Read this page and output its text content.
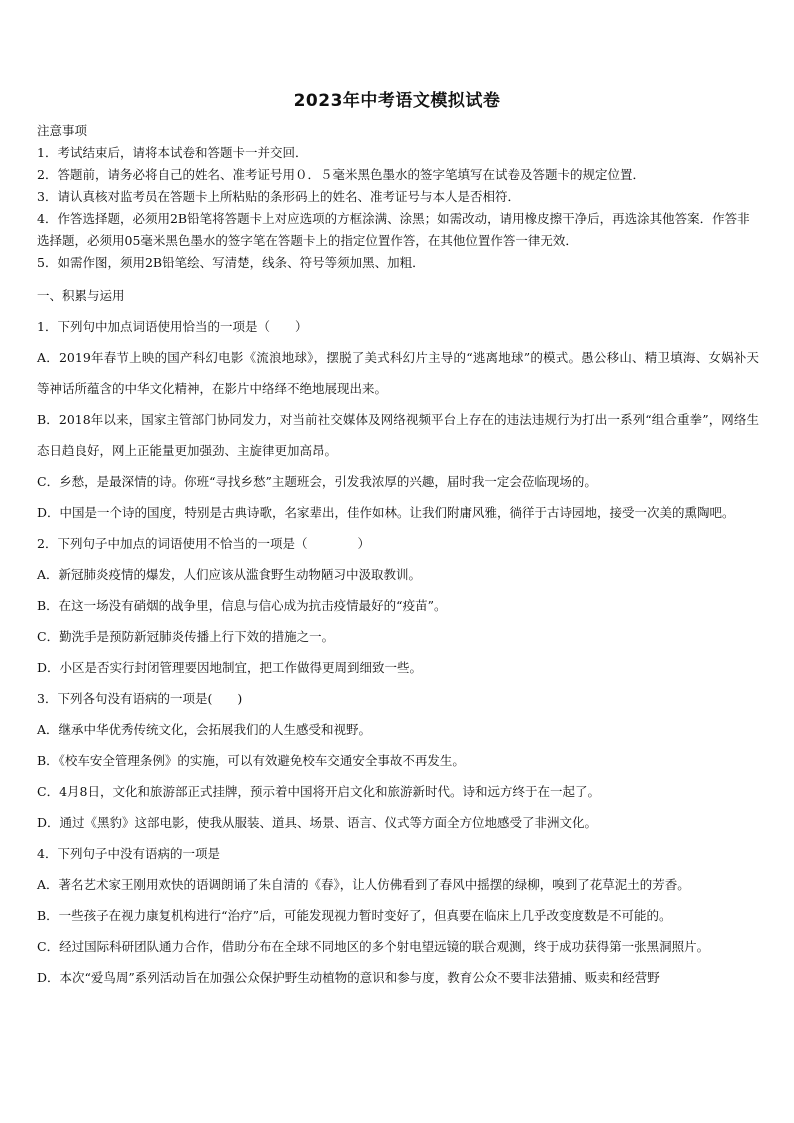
2023年中考语文模拟试卷

注意事项

1．考试结束后，请将本试卷和答题卡一并交回．

2．答题前，请务必将自己的姓名、准考证号用０．５毫米黑色墨水的签字笔填写在试卷及答题卡的规定位置．

3．请认真核对监考员在答题卡上所粘贴的条形码上的姓名、准考证号与本人是否相符．

4．作答选择题，必须用2B铅笔将答题卡上对应选项的方框涂满、涂黑；如需改动，请用橡皮擦干净后，再选涂其他答案．作答非选择题，必须用05毫米黑色墨水的签字笔在答题卡上的指定位置作答，在其他位置作答一律无效．

5．如需作图，须用2B铅笔绘、写清楚，线条、符号等须加黑、加粗．

一、积累与运用

1．下列句中加点词语使用恰当的一项是（　　）

A．2019年春节上映的国产科幻电影《流浪地球》，摆脱了美式科幻片主导的“逃离地球”的模式。愚公移山、精卫填海、女娲补天等神话所蕴含的中华文化精神，在影片中络绎不绝地展现出来。

B．2018年以来，国家主管部门协同发力，对当前社交媒体及网络视频平台上存在的违法违规行为打出一系列“组合重拳”，网络生态日趋良好，网上正能量更加强劲、主旋律更加高昂。

C．乡愁，是最深情的诗。你班“寻找乡愁”主题班会，引发我浓厚的兴趣，届时我一定会莅临现场的。

D．中国是一个诗的国度，特别是古典诗歌，名家辈出，佳作如林。让我们附庸风雅，徜徉于古诗园地，接受一次美的熏陶吧。

2．下列句子中加点的词语使用不恰当的一项是（　　　　）

A．新冠肺炎疫情的爆发，人们应该从滥食野生动物陋习中汲取教训。

B．在这一场没有硝烟的战争里，信息与信心成为抗击疫情最好的“疫苗”。

C．勤洗手是预防新冠肺炎传播上行下效的措施之一。

D．小区是否实行封闭管理要因地制宜，把工作做得更周到细致一些。

3．下列各句没有语病的一项是(　　)

A．继承中华优秀传统文化，会拓展我们的人生感受和视野。

B．《校车安全管理条例》的实施，可以有效避免校车交通安全事故不再发生。

C．4月8日，文化和旅游部正式挂牌，预示着中国将开启文化和旅游新时代。诗和远方终于在一起了。

D．通过《黑豹》这部电影，使我从服装、道具、场景、语言、仪式等方面全方位地感受了非洲文化。

4．下列句子中没有语病的一项是

A．著名艺术家王刚用欢快的语调朗诵了朱自清的《春》，让人仿佛看到了春风中摇摆的绿柳，嗅到了花草泥土的芳香。

B．一些孩子在视力康复机构进行“治疗”后，可能发现视力暂时变好了，但真要在临床上几乎改变度数是不可能的。

C．经过国际科研团队通力合作，借助分布在全球不同地区的多个射电望远镜的联合观测，终于成功获得第一张黑洞照片。

D．本次“爱鸟周”系列活动旨在加强公众保护野生动植物的意识和参与度，教育公众不要非法猎捕、贩卖和经营野
